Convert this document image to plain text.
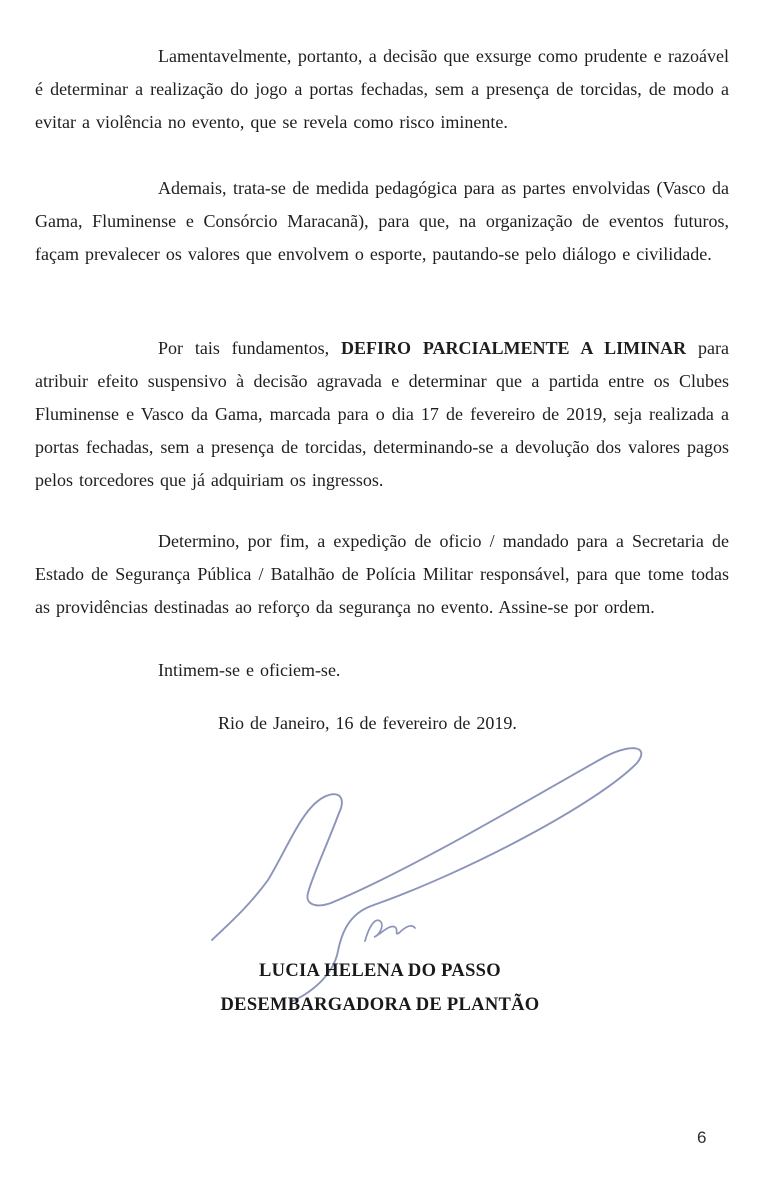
Lamentavelmente, portanto, a decisão que exsurge como prudente e razoável é determinar a realização do jogo a portas fechadas, sem a presença de torcidas, de modo a evitar a violência no evento, que se revela como risco iminente.

Ademais, trata-se de medida pedagógica para as partes envolvidas (Vasco da Gama, Fluminense e Consórcio Maracanã), para que, na organização de eventos futuros, façam prevalecer os valores que envolvem o esporte, pautando-se pelo diálogo e civilidade.

Por tais fundamentos, DEFIRO PARCIALMENTE A LIMINAR para atribuir efeito suspensivo à decisão agravada e determinar que a partida entre os Clubes Fluminense e Vasco da Gama, marcada para o dia 17 de fevereiro de 2019, seja realizada a portas fechadas, sem a presença de torcidas, determinando-se a devolução dos valores pagos pelos torcedores que já adquiriam os ingressos.

Determino, por fim, a expedição de oficio / mandado para a Secretaria de Estado de Segurança Pública / Batalhão de Polícia Militar responsável, para que tome todas as providências destinadas ao reforço da segurança no evento. Assine-se por ordem.

Intimem-se e oficiem-se.

Rio de Janeiro, 16 de fevereiro de 2019.

LUCIA HELENA DO PASSO
DESEMBARGADORA DE PLANTÃO
6
